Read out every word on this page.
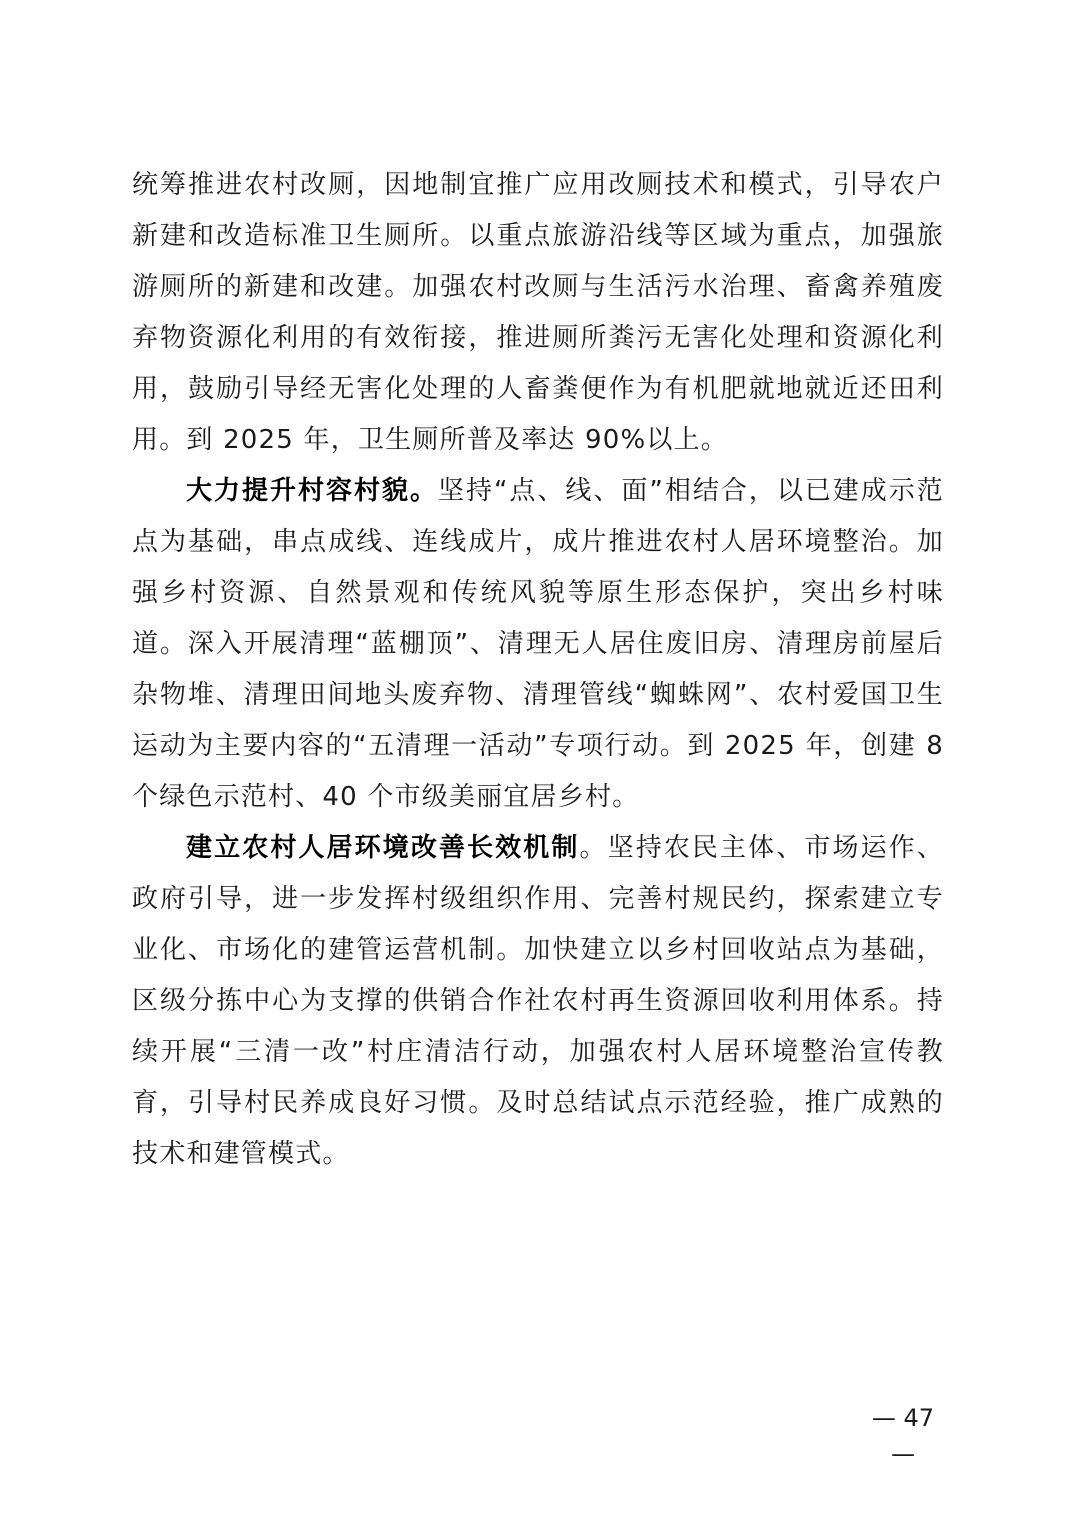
统筹推进农村改厕，因地制宜推广应用改厕技术和模式，引导农户新建和改造标准卫生厕所。以重点旅游沿线等区域为重点，加强旅游厕所的新建和改建。加强农村改厕与生活污水治理、畜禽养殖废弃物资源化利用的有效衔接，推进厕所粪污无害化处理和资源化利用，鼓励引导经无害化处理的人畜粪便作为有机肥就地就近还田利用。到 2025 年，卫生厕所普及率达 90%以上。

大力提升村容村貌。坚持“点、线、面”相结合，以已建成示范点为基础，串点成线、连线成片，成片推进农村人居环境整治。加强乡村资源、自然景观和传统风貌等原生形态保护，突出乡村味道。深入开展清理“蓝棚顶”、清理无人居住废旧房、清理房前屋后杂物堆、清理田间地头废弃物、清理管线“蜘蛛网”、农村爱国卫生运动为主要内容的“五清理一活动”专项行动。到 2025 年，创建 8 个绿色示范村、40 个市级美丽宜居乡村。

建立农村人居环境改善长效机制。坚持农民主体、市场运作、政府引导，进一步发挥村级组织作用、完善村规民约，探索建立专业化、市场化的建管运营机制。加快建立以乡村回收站点为基础，区级分拣中心为支撑的供销合作社农村再生资源回收利用体系。持续开展“三清一改”村庄清洁行动，加强农村人居环境整治宣传教育，引导村民养成良好习惯。及时总结试点示范经验，推广成熟的技术和建管模式。

— 47 —
